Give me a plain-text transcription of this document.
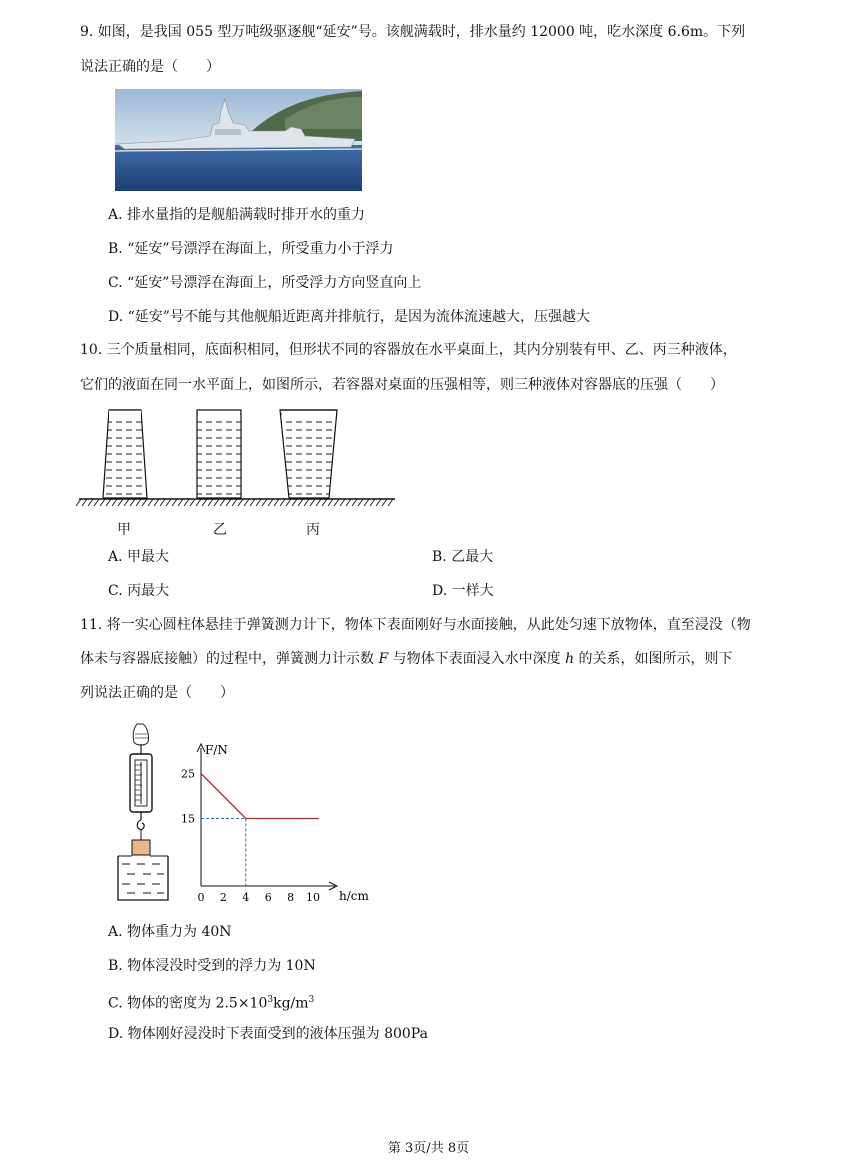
9. 如图，是我国 055 型万吨级驱逐舰“延安”号。该舰满载时，排水量约 12000 吨，吃水深度 6.6m。下列
说法正确的是（　　）
A. 排水量指的是舰船满载时排开水的重力
B. “延安”号漂浮在海面上，所受重力小于浮力
C. “延安”号漂浮在海面上，所受浮力方向竖直向上
D. “延安”号不能与其他舰船近距离并排航行，是因为流体流速越大，压强越大
10. 三个质量相同，底面积相同，但形状不同的容器放在水平桌面上，其内分别装有甲、乙、丙三种液体，
它们的液面在同一水平面上，如图所示，若容器对桌面的压强相等，则三种液体对容器底的压强（　　）
甲	乙	丙
A. 甲最大	B. 乙最大
C. 丙最大	D. 一样大
11. 将一实心圆柱体悬挂于弹簧测力计下，物体下表面刚好与水面接触，从此处匀速下放物体，直至浸没（物
体未与容器底接触）的过程中，弹簧测力计示数 F 与物体下表面浸入水中深度 h 的关系，如图所示，则下
列说法正确的是（　　）
F/N
h/cm
0 2 4 6 8 10
15
25
A. 物体重力为 40N
B. 物体浸没时受到的浮力为 10N
C. 物体的密度为 $2.5\times 10^3kg/m^3$
D. 物体刚好浸没时下表面受到的液体压强为 800Pa
第 3页/共 8页
